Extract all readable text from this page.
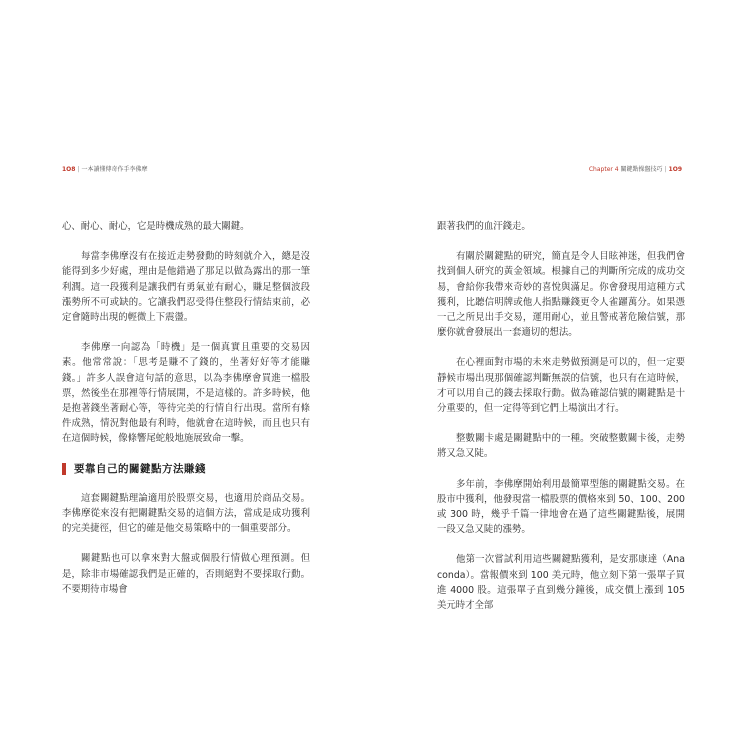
1O8 | 一本讀懂傳奇作手李佛摩

心、耐心、耐心，它是時機成熟的最大關鍵。

每當李佛摩沒有在接近走勢發動的時刻就介入，總是沒能得到多少好處，理由是他錯過了那足以做為露出的那一筆利潤。這一段獲利是讓我們有勇氣並有耐心，賺足整個波段漲勢所不可或缺的。它讓我們忍受得住整段行情結束前，必定會隨時出現的輕微上下震盪。

李佛摩一向認為「時機」是一個真實且重要的交易因素。他常常說：「思考是賺不了錢的，坐著好好等才能賺錢。」許多人誤會這句話的意思，以為李佛摩會買進一檔股票，然後坐在那裡等行情展開，不是這樣的。許多時候，他是抱著錢坐著耐心等，等待完美的行情自行出現。當所有條件成熟，情況對他最有利時，他就會在這時候，而且也只有在這個時候，像條響尾蛇般地施展致命一擊。

要靠自己的關鍵點方法賺錢

這套關鍵點理論適用於股票交易，也適用於商品交易。李佛摩從來沒有把關鍵點交易的這個方法，當成是成功獲利的完美捷徑，但它的確是他交易策略中的一個重要部分。

關鍵點也可以拿來對大盤或個股行情做心理預測。但是，除非市場確認我們是正確的，否則絕對不要採取行動。不要期待市場會

Chapter 4 關鍵點操盤技巧 | 1O9

跟著我們的血汗錢走。

有關於關鍵點的研究，簡直是令人目眩神迷，但我們會找到個人研究的黃金領域。根據自己的判斷所完成的成功交易，會給你我帶來奇妙的喜悅與滿足。你會發現用這種方式獲利，比聽信明牌或他人指點賺錢更令人雀躍萬分。如果憑一己之所見出手交易，運用耐心，並且警戒著危險信號，那麼你就會發展出一套適切的想法。

在心裡面對市場的未來走勢做預測是可以的，但一定要靜候市場出現那個確認判斷無誤的信號，也只有在這時候，才可以用自己的錢去採取行動。做為確認信號的關鍵點是十分重要的，但一定得等到它們上場演出才行。

整數關卡處是關鍵點中的一種。突破整數關卡後，走勢將又急又陡。

多年前，李佛摩開始利用最簡單型態的關鍵點交易。在股市中獲利，他發現當一檔股票的價格來到 50、100、200 或 300 時，幾乎千篇一律地會在過了這些關鍵點後，展開一段又急又陡的漲勢。

他第一次嘗試利用這些關鍵點獲利，是安那康達（Anaconda）。當報價來到 100 美元時，他立刻下第一張單子買進 4000 股。這張單子直到幾分鐘後，成交價上漲到 105 美元時才全部
